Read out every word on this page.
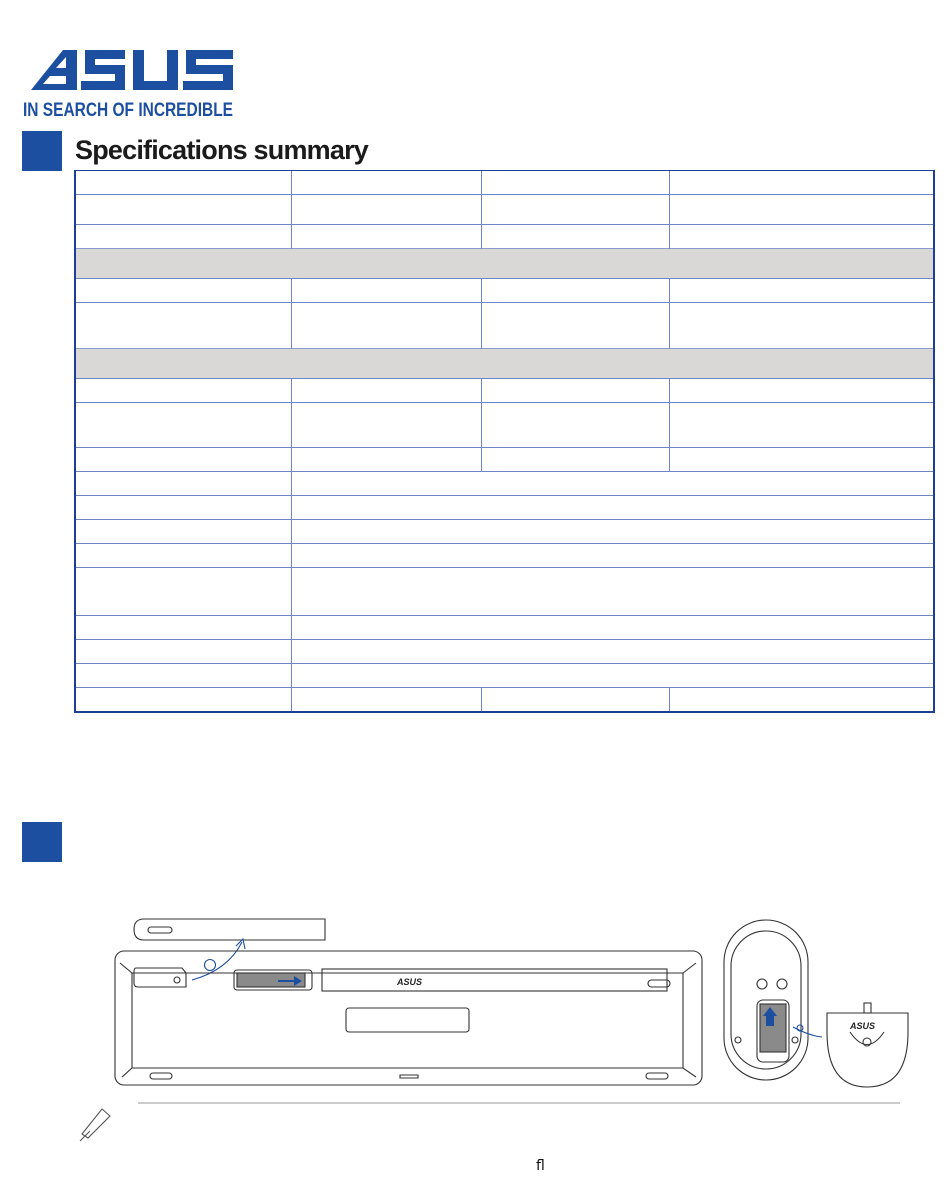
IN SEARCH OF INCREDIBLE
Specifications summary

ASUS
ASUS

ﬂ
